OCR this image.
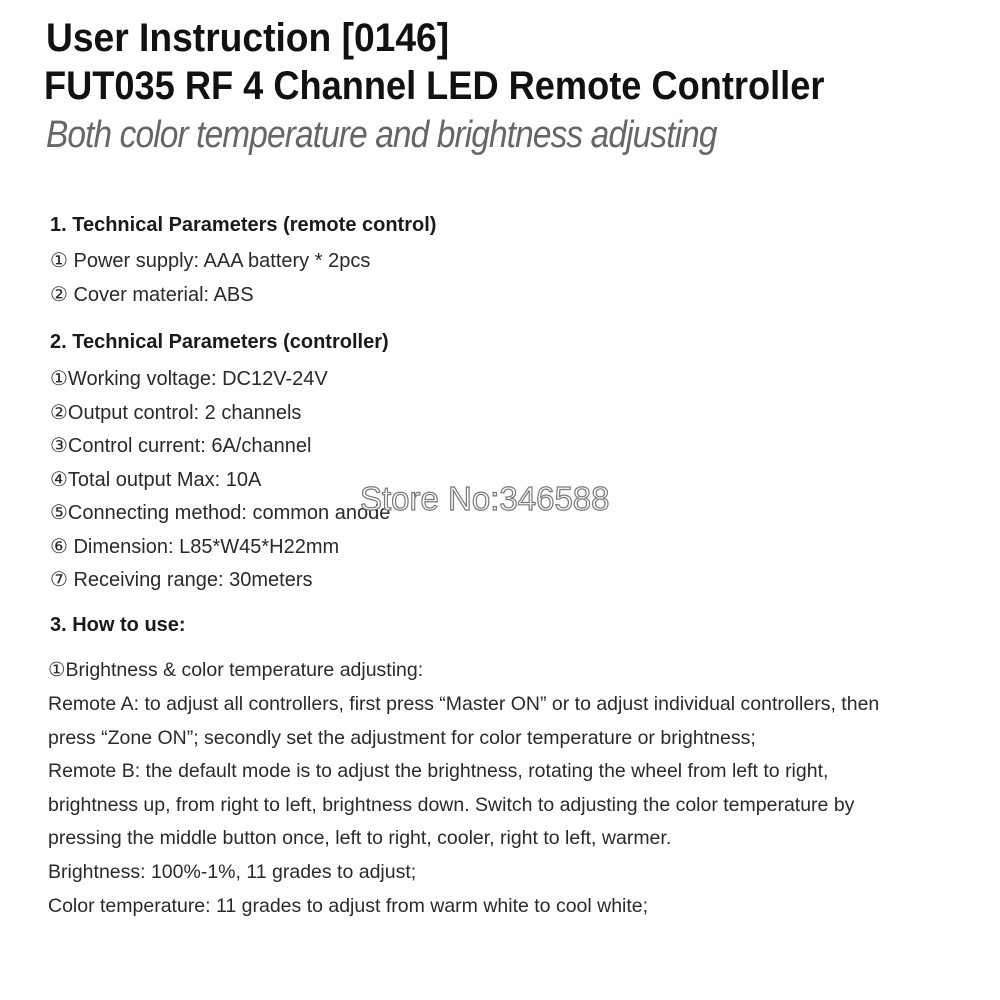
User Instruction [0146]
FUT035 RF 4 Channel LED Remote Controller
Both color temperature and brightness adjusting
1. Technical Parameters (remote control)
① Power supply: AAA battery * 2pcs
② Cover material: ABS
2. Technical Parameters (controller)
①Working voltage: DC12V-24V
②Output control: 2 channels
③Control current: 6A/channel
④Total output Max: 10A
⑤Connecting method: common anode
⑥ Dimension: L85*W45*H22mm
⑦ Receiving range: 30meters
Store No:346588
3. How to use:
①Brightness & color temperature adjusting:
Remote A: to adjust all controllers, first press “Master ON” or to adjust individual controllers, then
press “Zone ON”; secondly set the adjustment for color temperature or brightness;
Remote B: the default mode is to adjust the brightness, rotating the wheel from left to right,
brightness up, from right to left, brightness down. Switch to adjusting the color temperature by
pressing the middle button once, left to right, cooler, right to left, warmer.
Brightness: 100%-1%, 11 grades to adjust;
Color temperature: 11 grades to adjust from warm white to cool white;
